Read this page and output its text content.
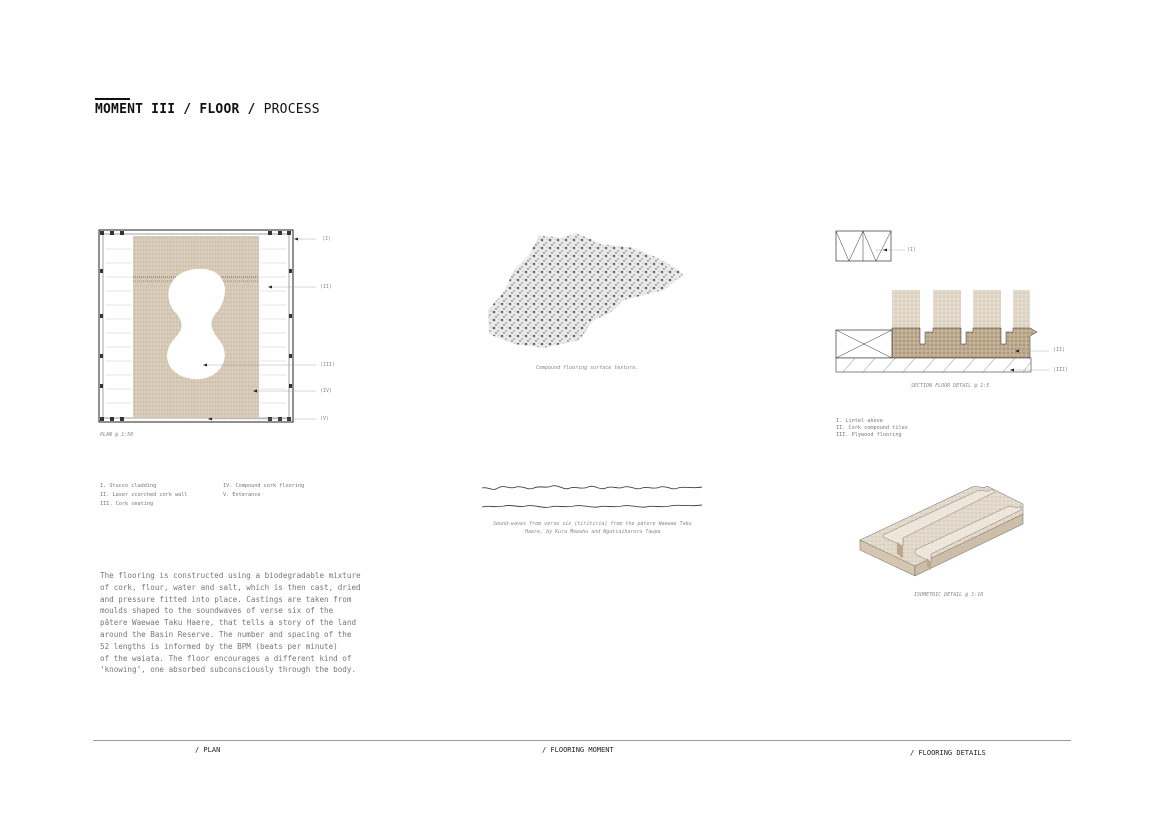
MOMENT III / FLOOR / PROCESS
(I)
(II)
(III)
(IV)
(V)
PLAN @ 1:50
I. Stucco cladding
II. Laser scorched cork wall
III. Cork seating
IV. Compound cork flooring
V. Enterance
Compound flooring surface texture.
Sound-waves from verse six (tiritiria) from the pātere Waewae Taku
Haere, by Kura Moeahu and Ngatiaiharuru Tawpa
(I)
(II)
(III)
SECTION FLOOR DETAIL @ 1:5
I. Lintel above
II. Cork compound tiles
III. Plywood flooring
ISOMETRIC DETAIL @ 1:10
The flooring is constructed using a biodegradable mixture
of cork, flour, water and salt, which is then cast, dried
and pressure fitted into place. Castings are taken from
moulds shaped to the soundwaves of verse six of the
pātere Waewae Taku Haere, that tells a story of the land
around the Basin Reserve. The number and spacing of the
52 lengths is informed by the BPM (beats per minute)
of the waiata. The floor encourages a different kind of
‘knowing’, one absorbed subconsciously through the body.
/ PLAN	/ FLOORING MOMENT	/ FLOORING DETAILS
